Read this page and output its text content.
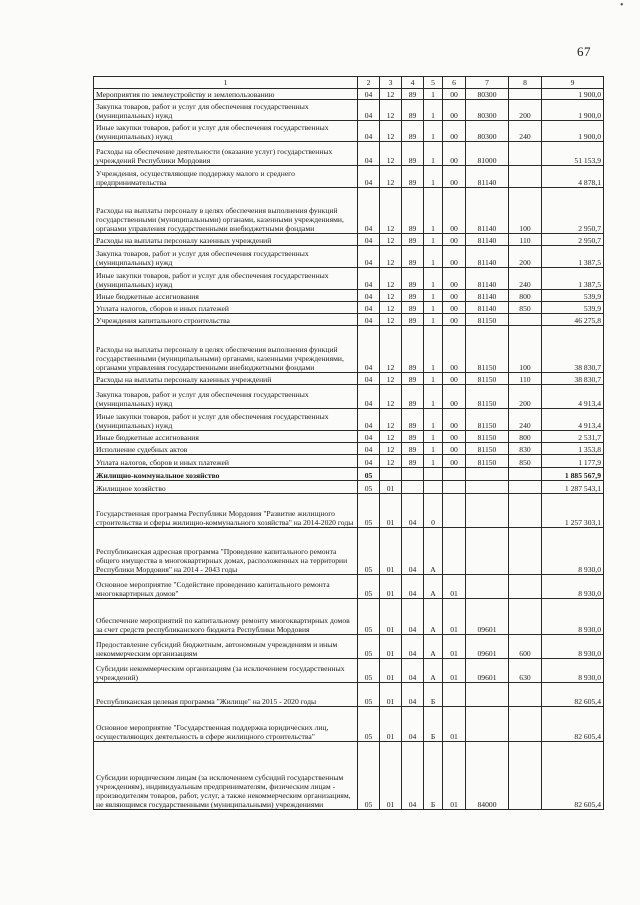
•
67
1	2	3	4	5	6	7	8	9
Мероприятия по землеустройству и землепользованию	04	12	89	1	00	80300		1 900,0
Закупка товаров, работ и услуг для обеспечения государственных (муниципальных) нужд	04	12	89	1	00	80300	200	1 900,0
Иные закупки товаров, работ и услуг для обеспечения государственных (муниципальных) нужд	04	12	89	1	00	80300	240	1 900,0
Расходы на обеспечение деятельности (оказание услуг) государственных учреждений Республики Мордовия	04	12	89	1	00	81000		51 153,9
Учреждения, осуществляющие поддержку малого и среднего предпринимательства	04	12	89	1	00	81140		4 878,1
Расходы на выплаты персоналу в целях обеспечения выполнения функций государственными (муниципальными) органами, казенными учреждениями, органами управления государственными внебюджетными фондами	04	12	89	1	00	81140	100	2 950,7
Расходы на выплаты персоналу казенных учреждений	04	12	89	1	00	81140	110	2 950,7
Закупка товаров, работ и услуг для обеспечения государственных (муниципальных) нужд	04	12	89	1	00	81140	200	1 387,5
Иные закупки товаров, работ и услуг для обеспечения государственных (муниципальных) нужд	04	12	89	1	00	81140	240	1 387,5
Иные бюджетные ассигнования	04	12	89	1	00	81140	800	539,9
Уплата налогов, сборов и иных платежей	04	12	89	1	00	81140	850	539,9
Учреждения капитального строительства	04	12	89	1	00	81150		46 275,8
Расходы на выплаты персоналу в целях обеспечения выполнения функций государственными (муниципальными) органами, казенными учреждениями, органами управления государственными внебюджетными фондами	04	12	89	1	00	81150	100	38 830,7
Расходы на выплаты персоналу казенных учреждений	04	12	89	1	00	81150	110	38 830,7
Закупка товаров, работ и услуг для обеспечения государственных (муниципальных) нужд	04	12	89	1	00	81150	200	4 913,4
Иные закупки товаров, работ и услуг для обеспечения государственных (муниципальных) нужд	04	12	89	1	00	81150	240	4 913,4
Иные бюджетные ассигнования	04	12	89	1	00	81150	800	2 531,7
Исполнение судебных актов	04	12	89	1	00	81150	830	1 353,8
Уплата налогов, сборов и иных платежей	04	12	89	1	00	81150	850	1 177,9
Жилищно-коммунальное хозяйство	05							1 885 567,9
Жилищное хозяйство	05	01						1 287 543,1
Государственная программа Республики Мордовия "Развитие жилищного строительства и сферы жилищно-коммунального хозяйства" на 2014-2020 годы	05	01	04	0				1 257 303,1
Республиканская адресная программа "Проведение капитального ремонта общего имущества в многоквартирных домах, расположенных на территории Республики Мордовия" на 2014 - 2043 годы	05	01	04	А				8 930,0
Основное мероприятие "Содействие проведению капитального ремонта многоквартирных домов"	05	01	04	А	01			8 930,0
Обеспечение мероприятий по капитальному ремонту многоквартирных домов за счет средств республиканского бюджета Республики Мордовия	05	01	04	А	01	09601		8 930,0
Предоставление субсидий бюджетным, автономным учреждениям и иным некоммерческим организациям	05	01	04	А	01	09601	600	8 930,0
Субсидии некоммерческим организациям (за исключением государственных учреждений)	05	01	04	А	01	09601	630	8 930,0
Республиканская целевая программа "Жилище" на 2015 - 2020 годы	05	01	04	Б				82 605,4
Основное мероприятие "Государственная поддержка юридических лиц, осуществляющих деятельность в сфере жилищного строительства"	05	01	04	Б	01			82 605,4
Субсидии юридическим лицам (за исключением субсидий государственным учреждениям), индивидуальным предпринимателям, физическим лицам - производителям товаров, работ, услуг, а также некоммерческим организациям, не являющимся государственными (муниципальными) учреждениями	05	01	04	Б	01	84000		82 605,4
